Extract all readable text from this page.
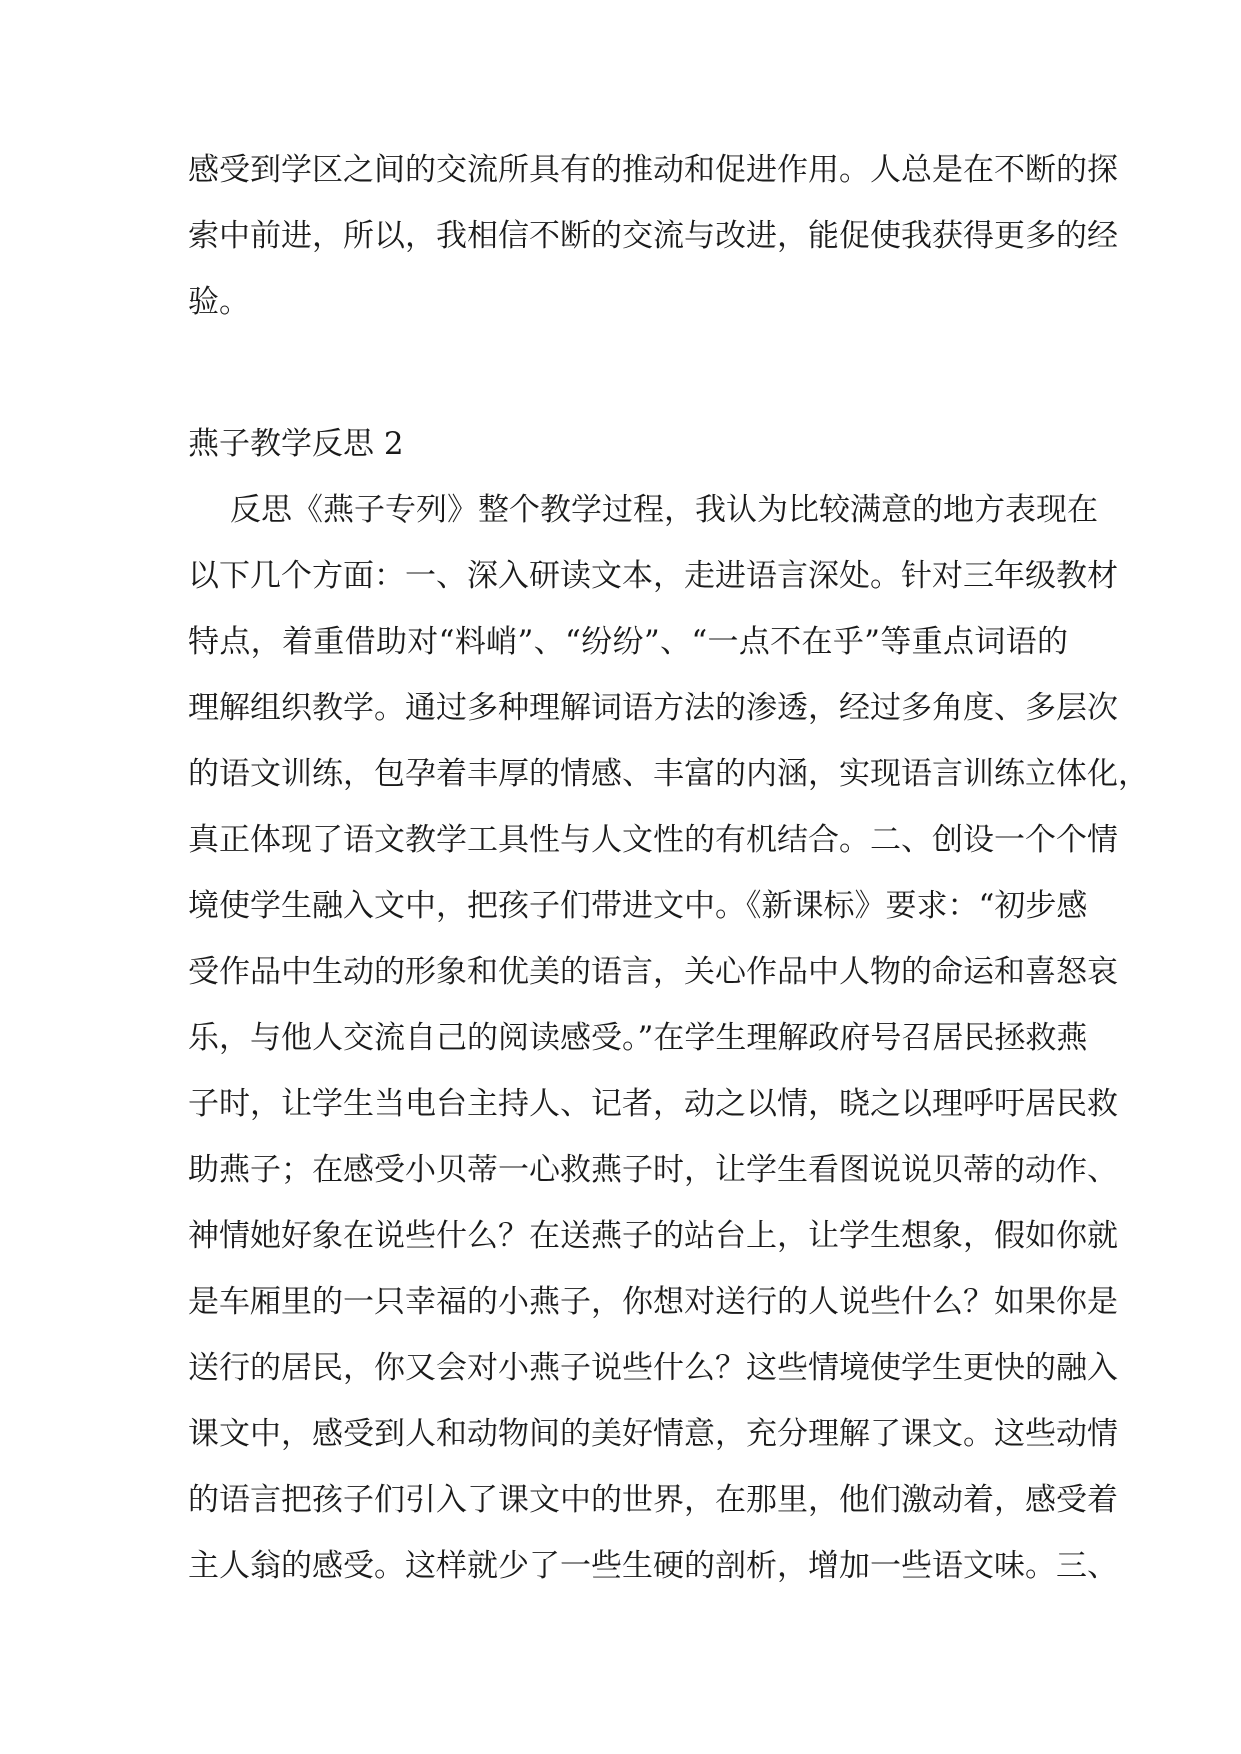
感受到学区之间的交流所具有的推动和促进作用。人总是在不断的探
索中前进，所以，我相信不断的交流与改进，能促使我获得更多的经
验。
燕子教学反思 2
反思《燕子专列》整个教学过程，我认为比较满意的地方表现在
以下几个方面：一、深入研读文本，走进语言深处。针对三年级教材
特点，着重借助对“料峭”、“纷纷”、“一点不在乎”等重点词语的
理解组织教学。通过多种理解词语方法的渗透，经过多角度、多层次
的语文训练，包孕着丰厚的情感、丰富的内涵，实现语言训练立体化，
真正体现了语文教学工具性与人文性的有机结合。二、创设一个个情
境使学生融入文中，把孩子们带进文中。《新课标》要求：“初步感
受作品中生动的形象和优美的语言，关心作品中人物的命运和喜怒哀
乐，与他人交流自己的阅读感受。”在学生理解政府号召居民拯救燕
子时，让学生当电台主持人、记者，动之以情，晓之以理呼吁居民救
助燕子；在感受小贝蒂一心救燕子时，让学生看图说说贝蒂的动作、
神情她好象在说些什么？在送燕子的站台上，让学生想象，假如你就
是车厢里的一只幸福的小燕子，你想对送行的人说些什么？如果你是
送行的居民，你又会对小燕子说些什么？这些情境使学生更快的融入
课文中，感受到人和动物间的美好情意，充分理解了课文。这些动情
的语言把孩子们引入了课文中的世界，在那里，他们激动着，感受着
主人翁的感受。这样就少了一些生硬的剖析，增加一些语文味。三、
